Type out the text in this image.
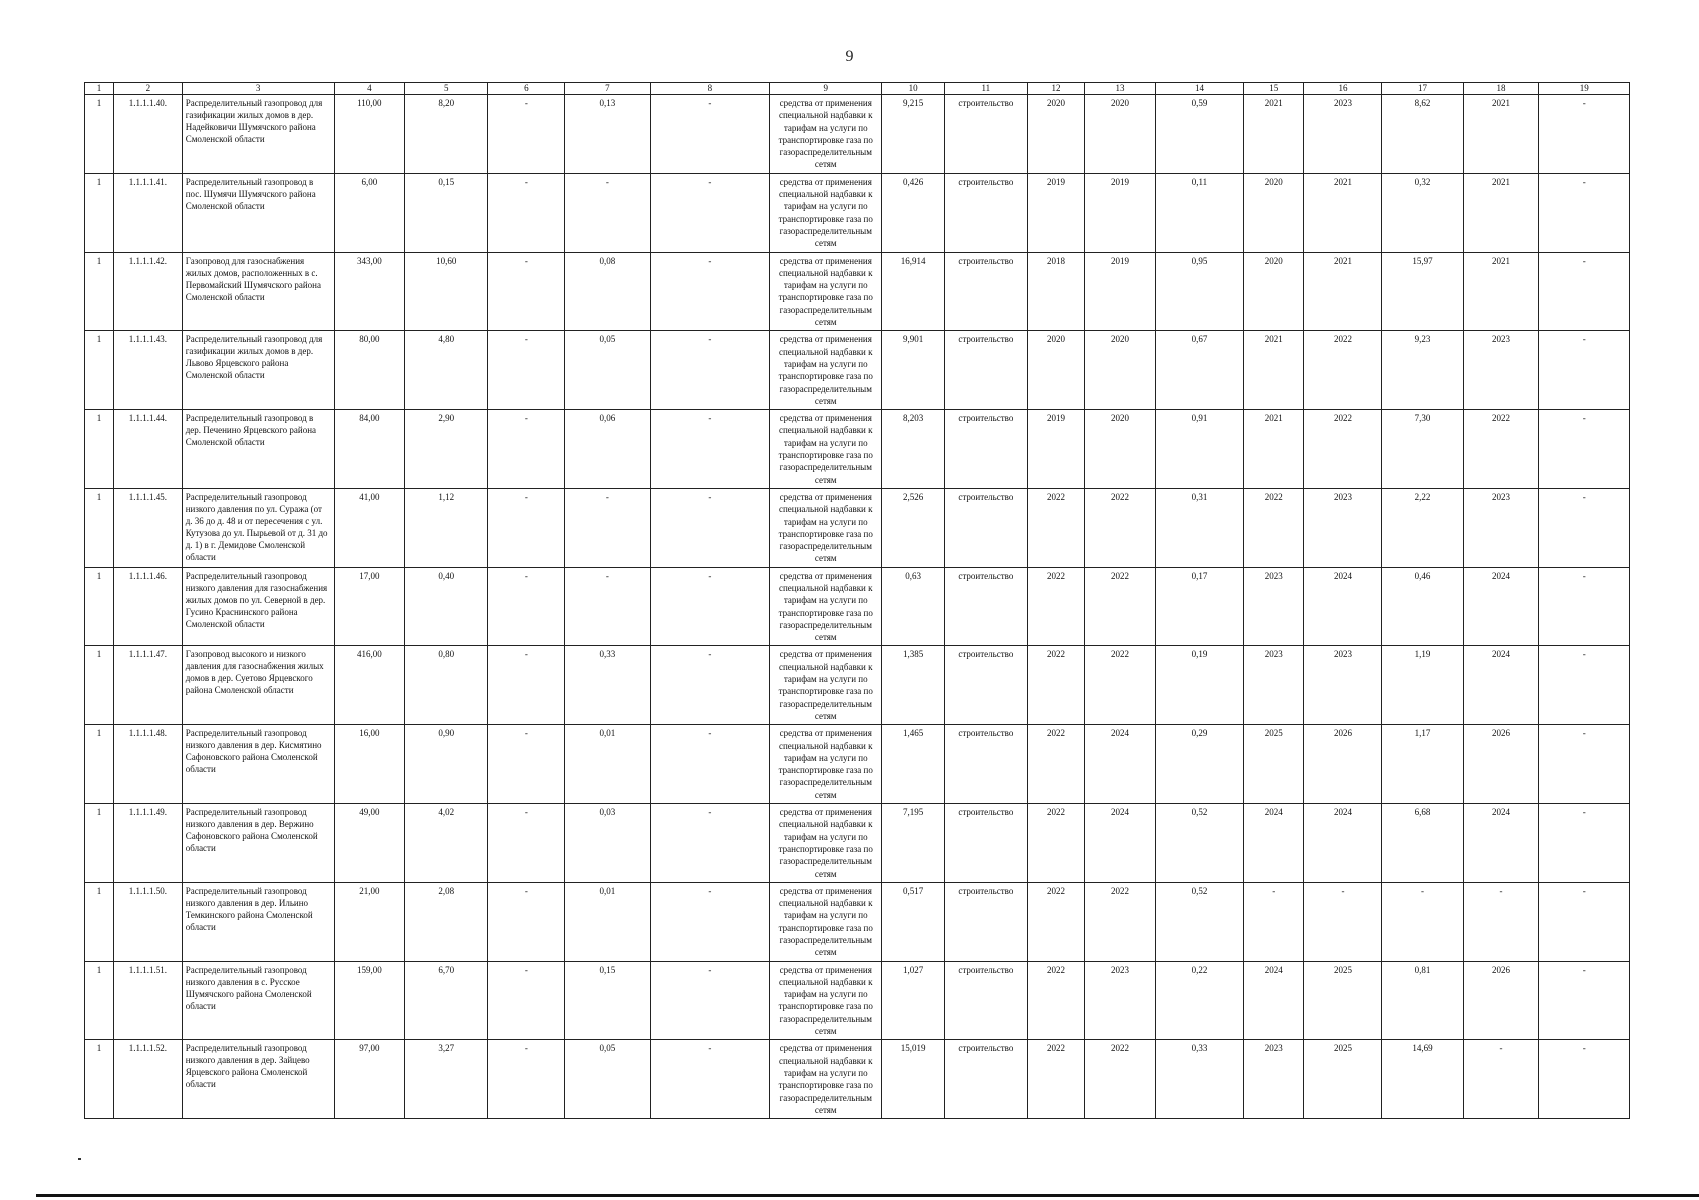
9
1	2	3	4	5	6	7	8	9	10	11	12	13	14	15	16	17	18	19
1	1.1.1.1.40.	Распределительный газопровод для газификации жилых домов в дер. Надейковичи Шумячского района Смоленской области	110,00	8,20	-	0,13	-	средства от применения специальной надбавки к тарифам на услуги по транспортировке газа по газораспределительным сетям	9,215	строительство	2020	2020	0,59	2021	2023	8,62	2021	-
1	1.1.1.1.41.	Распределительный газопровод в пос. Шумячи Шумячского района Смоленской области	6,00	0,15	-	-	-	средства от применения специальной надбавки к тарифам на услуги по транспортировке газа по газораспределительным сетям	0,426	строительство	2019	2019	0,11	2020	2021	0,32	2021	-
1	1.1.1.1.42.	Газопровод для газоснабжения жилых домов, расположенных в с. Первомайский Шумячского района Смоленской области	343,00	10,60	-	0,08	-	средства от применения специальной надбавки к тарифам на услуги по транспортировке газа по газораспределительным сетям	16,914	строительство	2018	2019	0,95	2020	2021	15,97	2021	-
1	1.1.1.1.43.	Распределительный газопровод для газификации жилых домов в дер. Львово Ярцевского района Смоленской области	80,00	4,80	-	0,05	-	средства от применения специальной надбавки к тарифам на услуги по транспортировке газа по газораспределительным сетям	9,901	строительство	2020	2020	0,67	2021	2022	9,23	2023	-
1	1.1.1.1.44.	Распределительный газопровод в дер. Печенино Ярцевского района Смоленской области	84,00	2,90	-	0,06	-	средства от применения специальной надбавки к тарифам на услуги по транспортировке газа по газораспределительным сетям	8,203	строительство	2019	2020	0,91	2021	2022	7,30	2022	-
1	1.1.1.1.45.	Распределительный газопровод низкого давления по ул. Суража (от д. 36 до д. 48 и от пересечения с ул. Кутузова до ул. Пырьевой от д. 31 до д. 1) в г. Демидове Смоленской области	41,00	1,12	-	-	-	средства от применения специальной надбавки к тарифам на услуги по транспортировке газа по газораспределительным сетям	2,526	строительство	2022	2022	0,31	2022	2023	2,22	2023	-
1	1.1.1.1.46.	Распределительный газопровод низкого давления для газоснабжения жилых домов по ул. Северной в дер. Гусино Краснинского района Смоленской области	17,00	0,40	-	-	-	средства от применения специальной надбавки к тарифам на услуги по транспортировке газа по газораспределительным сетям	0,63	строительство	2022	2022	0,17	2023	2024	0,46	2024	-
1	1.1.1.1.47.	Газопровод высокого и низкого давления для газоснабжения жилых домов в дер. Суетово Ярцевского района Смоленской области	416,00	0,80	-	0,33	-	средства от применения специальной надбавки к тарифам на услуги по транспортировке газа по газораспределительным сетям	1,385	строительство	2022	2022	0,19	2023	2023	1,19	2024	-
1	1.1.1.1.48.	Распределительный газопровод низкого давления в дер. Кисмятино Сафоновского района Смоленской области	16,00	0,90	-	0,01	-	средства от применения специальной надбавки к тарифам на услуги по транспортировке газа по газораспределительным сетям	1,465	строительство	2022	2024	0,29	2025	2026	1,17	2026	-
1	1.1.1.1.49.	Распределительный газопровод низкого давления в дер. Вержино Сафоновского района Смоленской области	49,00	4,02	-	0,03	-	средства от применения специальной надбавки к тарифам на услуги по транспортировке газа по газораспределительным сетям	7,195	строительство	2022	2024	0,52	2024	2024	6,68	2024	-
1	1.1.1.1.50.	Распределительный газопровод низкого давления в дер. Ильино Темкинского района Смоленской области	21,00	2,08	-	0,01	-	средства от применения специальной надбавки к тарифам на услуги по транспортировке газа по газораспределительным сетям	0,517	строительство	2022	2022	0,52	-	-	-	-	-
1	1.1.1.1.51.	Распределительный газопровод низкого давления в с. Русское Шумячского района Смоленской области	159,00	6,70	-	0,15	-	средства от применения специальной надбавки к тарифам на услуги по транспортировке газа по газораспределительным сетям	1,027	строительство	2022	2023	0,22	2024	2025	0,81	2026	-
1	1.1.1.1.52.	Распределительный газопровод низкого давления в дер. Зайцево Ярцевского района Смоленской области	97,00	3,27	-	0,05	-	средства от применения специальной надбавки к тарифам на услуги по транспортировке газа по газораспределительным сетям	15,019	строительство	2022	2022	0,33	2023	2025	14,69	-	-
